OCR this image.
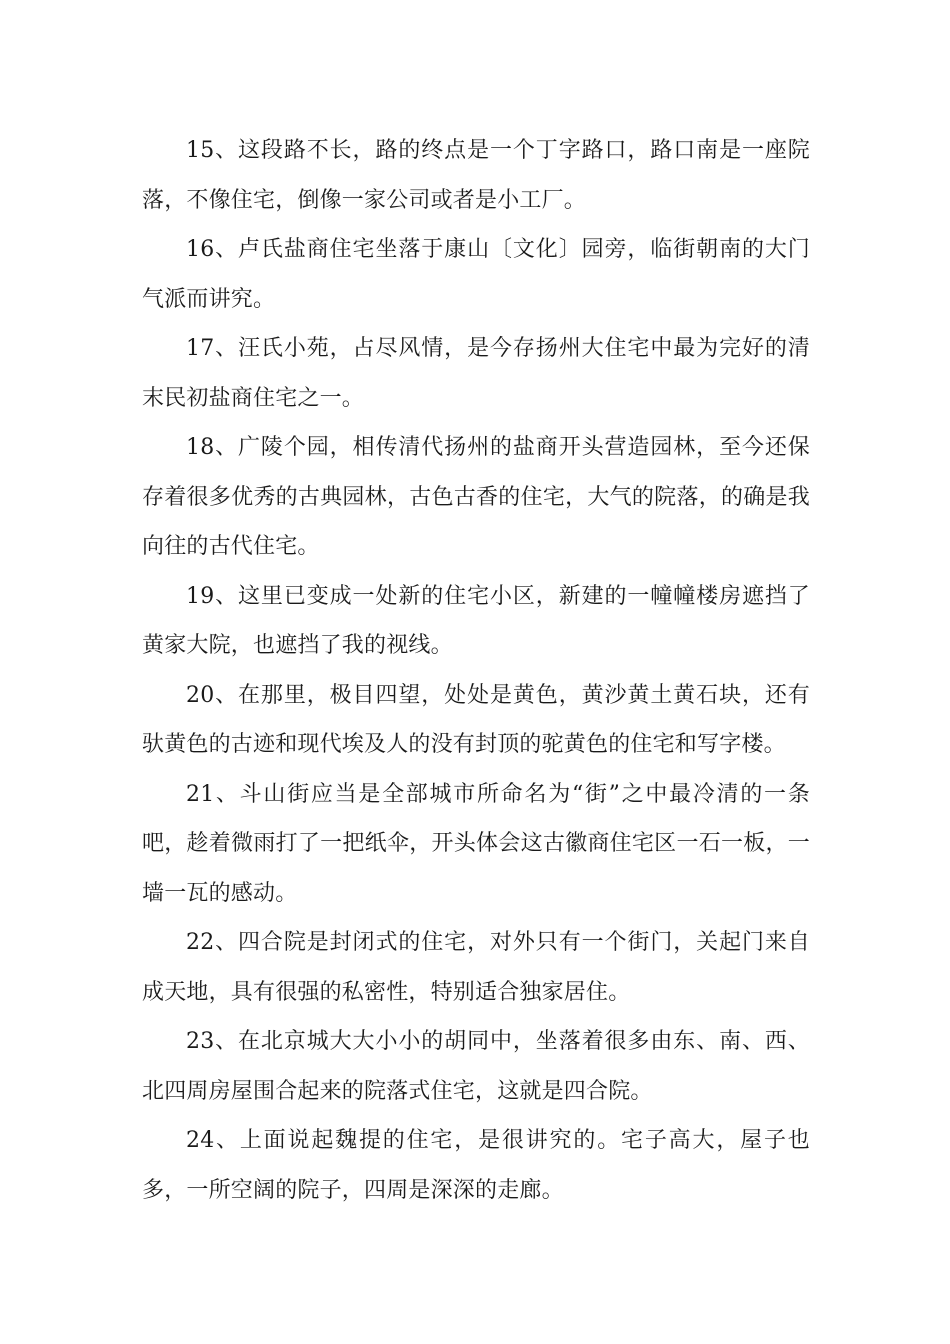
15、这段路不长，路的终点是一个丁字路口，路口南是一座院落，不像住宅，倒像一家公司或者是小工厂。

16、卢氏盐商住宅坐落于康山〔文化〕园旁，临街朝南的大门气派而讲究。

17、汪氏小苑，占尽风情，是今存扬州大住宅中最为完好的清末民初盐商住宅之一。

18、广陵个园，相传清代扬州的盐商开头营造园林，至今还保存着很多优秀的古典园林，古色古香的住宅，大气的院落，的确是我向往的古代住宅。

19、这里已变成一处新的住宅小区，新建的一幢幢楼房遮挡了黄家大院，也遮挡了我的视线。

20、在那里，极目四望，处处是黄色，黄沙黄土黄石块，还有驮黄色的古迹和现代埃及人的没有封顶的驼黄色的住宅和写字楼。

21、斗山街应当是全部城市所命名为“街”之中最冷清的一条吧，趁着微雨打了一把纸伞，开头体会这古徽商住宅区一石一板，一墙一瓦的感动。

22、四合院是封闭式的住宅，对外只有一个街门，关起门来自成天地，具有很强的私密性，特别适合独家居住。

23、在北京城大大小小的胡同中，坐落着很多由东、南、西、北四周房屋围合起来的院落式住宅，这就是四合院。

24、上面说起魏提的住宅，是很讲究的。宅子高大，屋子也多，一所空阔的院子，四周是深深的走廊。
